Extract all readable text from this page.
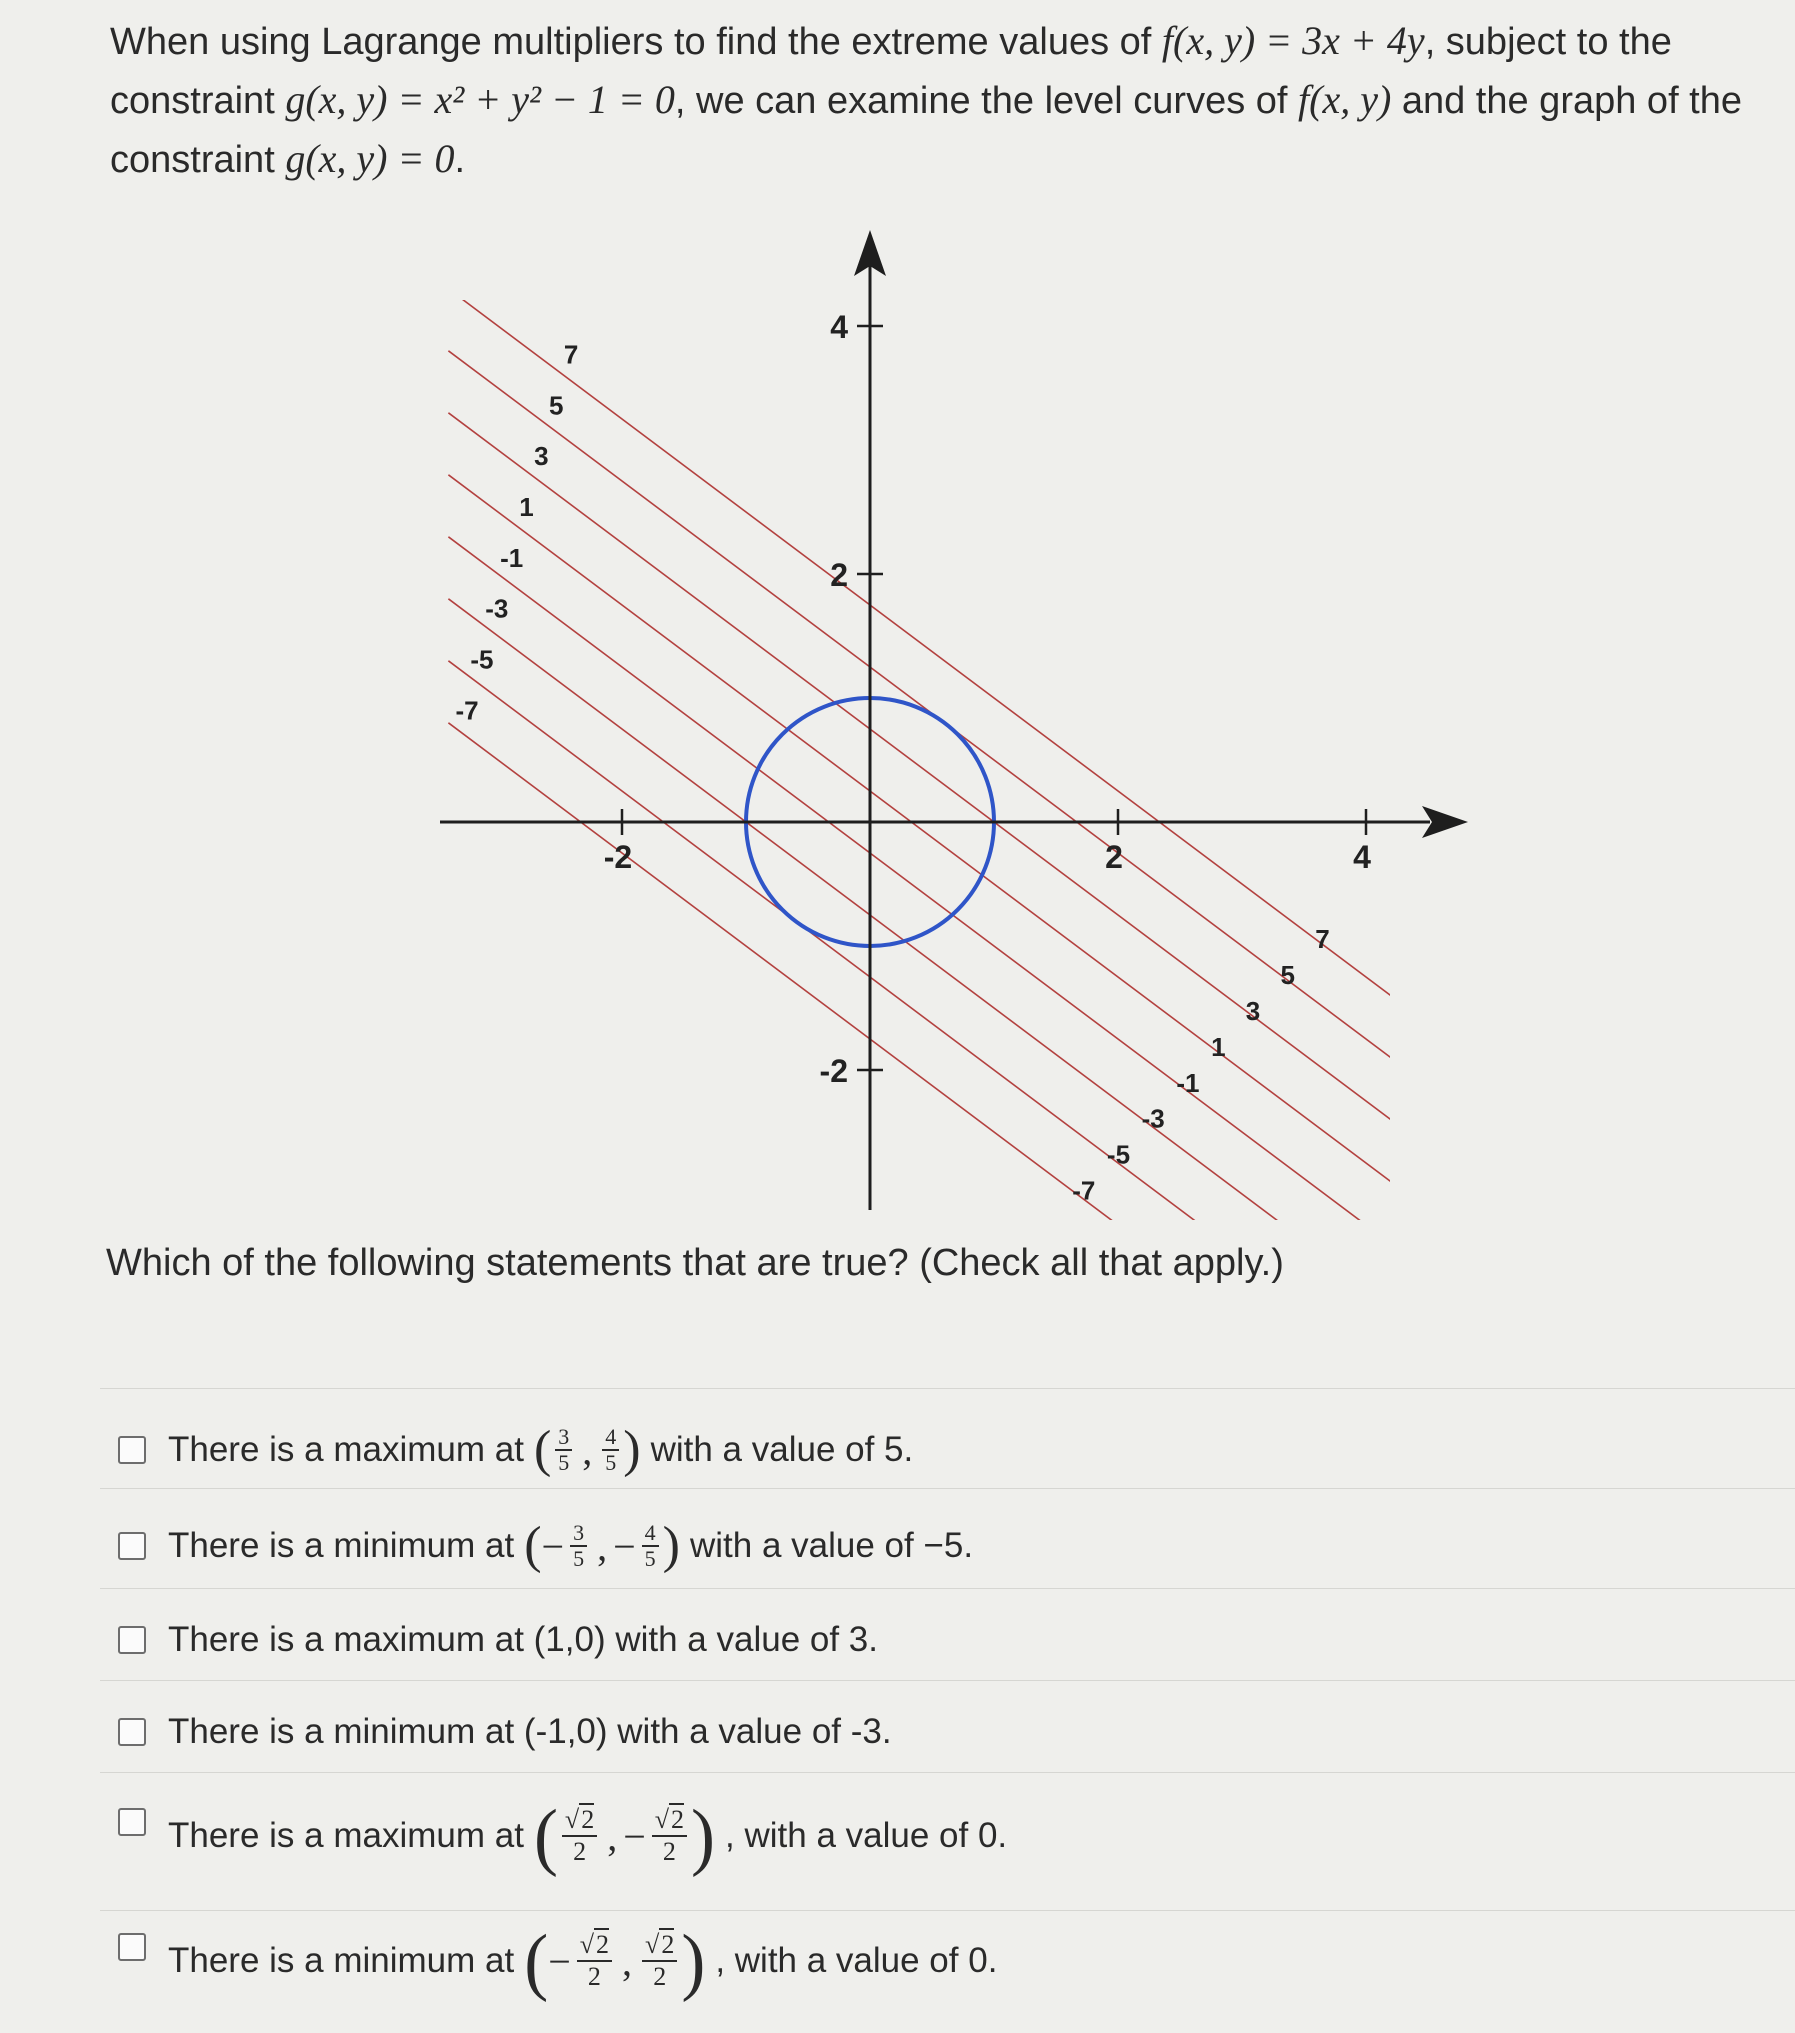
When using Lagrange multipliers to find the extreme values of f(x, y) = 3x + 4y, subject to the constraint g(x, y) = x² + y² − 1 = 0, we can examine the level curves of f(x, y) and the graph of the constraint g(x, y) = 0.
-2	2	4
4
2
-2
-7
-7
-5
-5
-3
-3
-1
-1
1
1
3
3
5
5
7
7
Which of the following statements that are true? (Check all that apply.)
There is a maximum at ( $\frac{3}{5}$ , $\frac{4}{5}$ ) with a value of 5.
There is a minimum at ( − $\frac{3}{5}$ , − $\frac{4}{5}$ ) with a value of −5.
There is a maximum at (1,0) with a value of 3.
There is a minimum at (-1,0) with a value of -3.
There is a maximum at ( $\frac{√2}{2}$ , − $\frac{√2}{2}$ ) , with a value of 0.
There is a minimum at ( − $\frac{√2}{2}$ , $\frac{√2}{2}$ ) , with a value of 0.
